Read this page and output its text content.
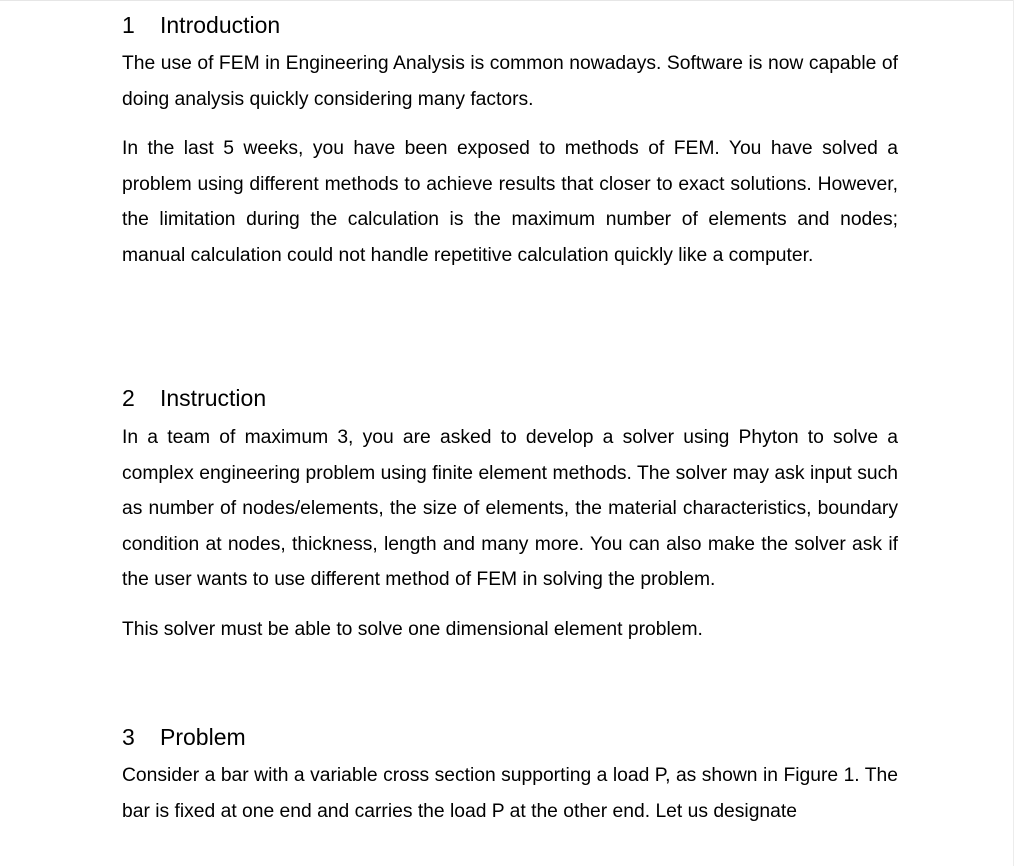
1 Introduction

The use of FEM in Engineering Analysis is common nowadays. Software is now capable of doing analysis quickly considering many factors.

In the last 5 weeks, you have been exposed to methods of FEM. You have solved a problem using different methods to achieve results that closer to exact solutions. However, the limitation during the calculation is the maximum number of elements and nodes; manual calculation could not handle repetitive calculation quickly like a computer.

2 Instruction

In a team of maximum 3, you are asked to develop a solver using Phyton to solve a complex engineering problem using finite element methods. The solver may ask input such as number of nodes/elements, the size of elements, the material characteristics, boundary condition at nodes, thickness, length and many more. You can also make the solver ask if the user wants to use different method of FEM in solving the problem.

This solver must be able to solve one dimensional element problem.

3 Problem

Consider a bar with a variable cross section supporting a load P, as shown in Figure 1. The bar is fixed at one end and carries the load P at the other end. Let us designate
